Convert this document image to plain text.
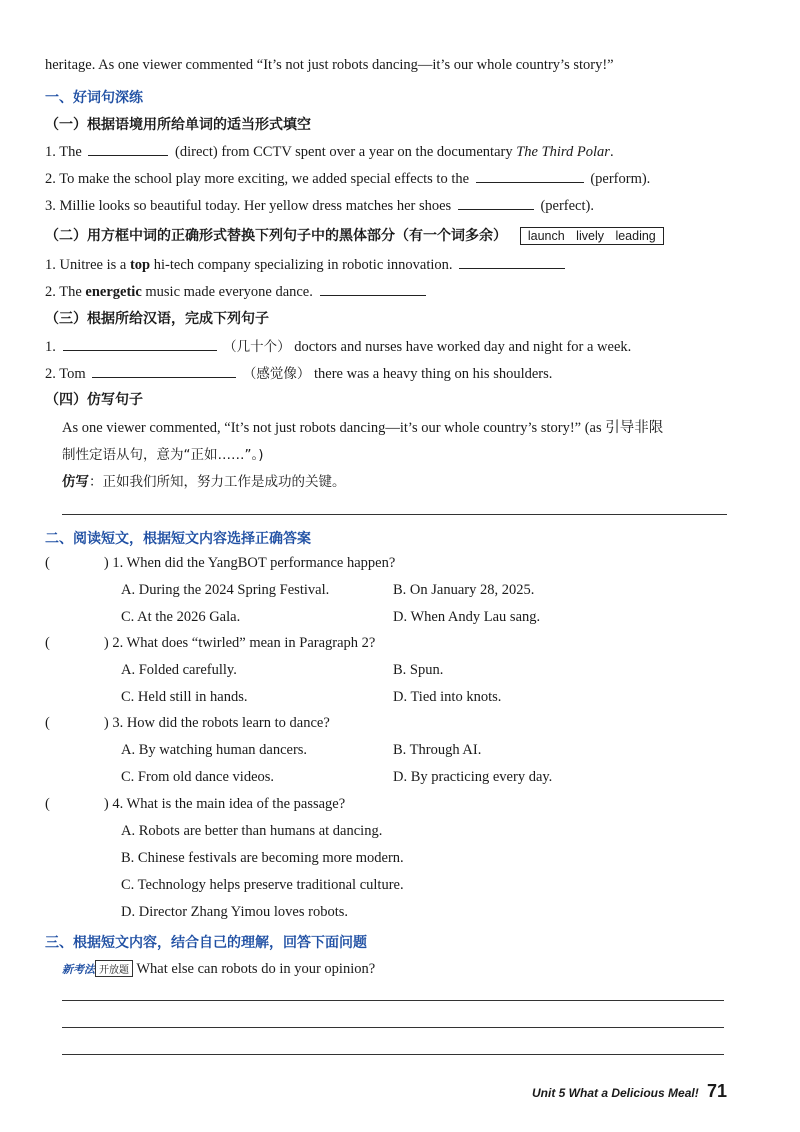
heritage. As one viewer commented “It’s not just robots dancing—it’s our whole country’s story!”
一、好词句深练
（一）根据语境用所给单词的适当形式填空
1. The	(direct) from CCTV spent over a year on the documentary The Third Polar.
2. To make the school play more exciting, we added special effects to the	(perform).
3. Millie looks so beautiful today. Her yellow dress matches her shoes	(perfect).
（二）用方框中词的正确形式替换下列句子中的黑体部分（有一个词多余） launch lively leading
1. Unitree is a top hi-tech company specializing in robotic innovation.
2. The energetic music made everyone dance.
（三）根据所给汉语，完成下列句子
1.	（几十个） doctors and nurses have worked day and night for a week.
2. Tom	（感觉像） there was a heavy thing on his shoulders.
（四）仿写句子
As one viewer commented, “It’s not just robots dancing—it’s our whole country’s story!” (as 引导非限
制性定语从句，意为“正如……”。)
仿写：正如我们所知，努力工作是成功的关键。
二、阅读短文，根据短文内容选择正确答案
(	) 1. When did the YangBOT performance happen?
A. During the 2024 Spring Festival.	B. On January 28, 2025.
C. At the 2026 Gala.	D. When Andy Lau sang.
(	) 2. What does “twirled” mean in Paragraph 2?
A. Folded carefully.	B. Spun.
C. Held still in hands.	D. Tied into knots.
(	) 3. How did the robots learn to dance?
A. By watching human dancers.	B. Through AI.
C. From old dance videos.	D. By practicing every day.
(	) 4. What is the main idea of the passage?
A. Robots are better than humans at dancing.
B. Chinese festivals are becoming more modern.
C. Technology helps preserve traditional culture.
D. Director Zhang Yimou loves robots.
三、根据短文内容，结合自己的理解，回答下面问题
新考法 开放题 What else can robots do in your opinion?
Unit 5 What a Delicious Meal! 71
